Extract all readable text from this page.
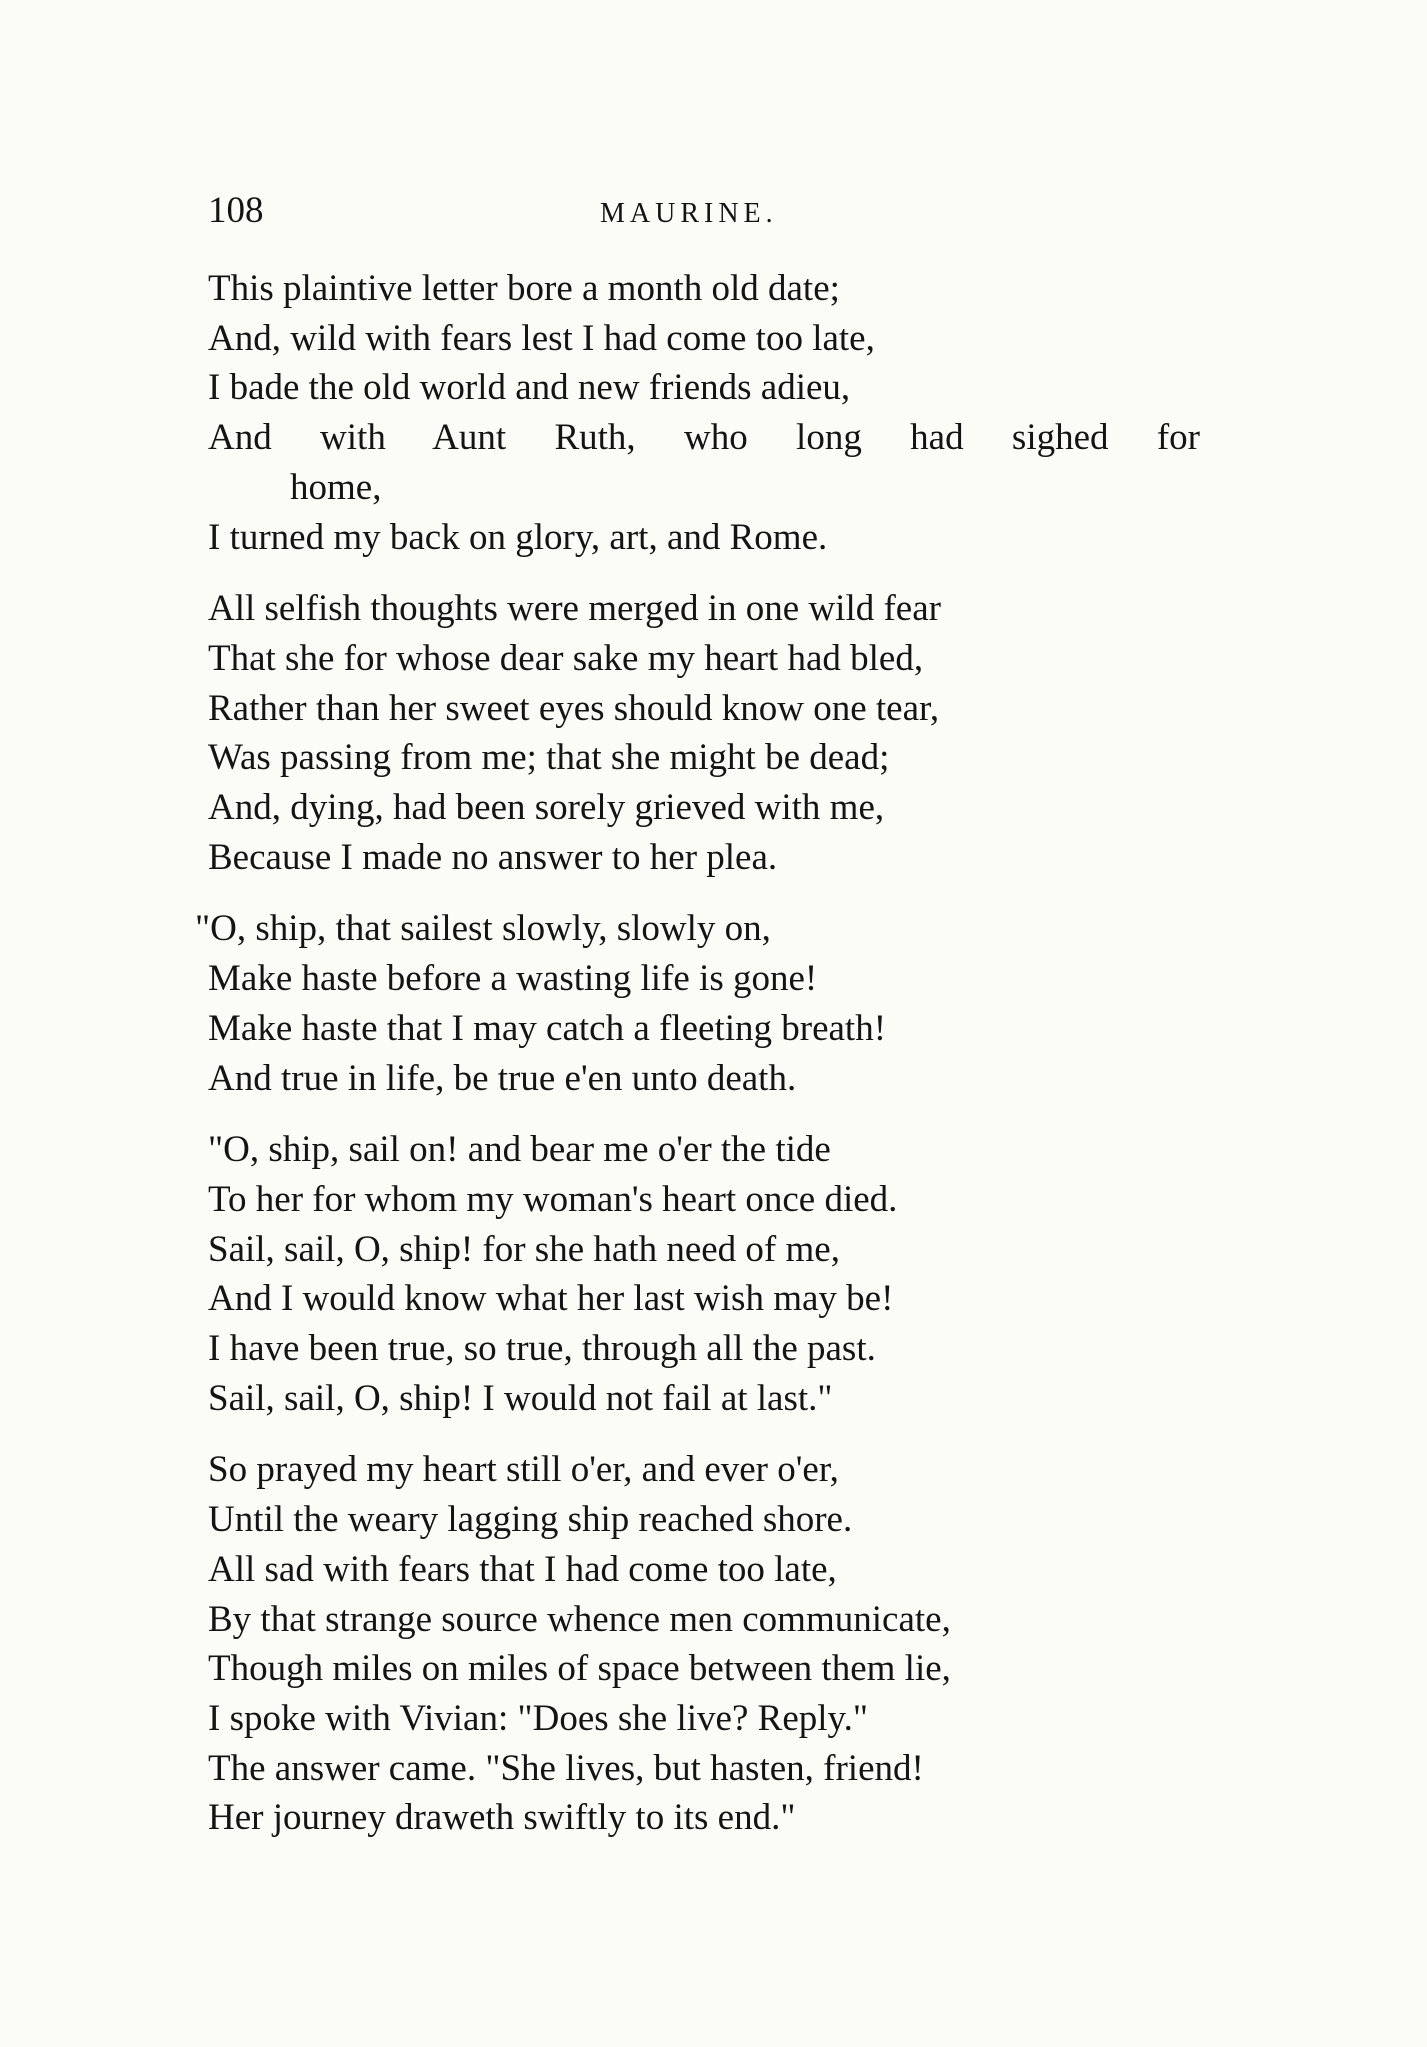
108	MAURINE.
This plaintive letter bore a month old date;
And, wild with fears lest I had come too late,
I bade the old world and new friends adieu,
And with Aunt Ruth, who long had sighed for
home,
I turned my back on glory, art, and Rome.
All selfish thoughts were merged in one wild fear
That she for whose dear sake my heart had bled,
Rather than her sweet eyes should know one tear,
Was passing from me; that she might be dead;
And, dying, had been sorely grieved with me,
Because I made no answer to her plea.
"O, ship, that sailest slowly, slowly on,
Make haste before a wasting life is gone!
Make haste that I may catch a fleeting breath!
And true in life, be true e'en unto death.
"O, ship, sail on! and bear me o'er the tide
To her for whom my woman's heart once died.
Sail, sail, O, ship! for she hath need of me,
And I would know what her last wish may be!
I have been true, so true, through all the past.
Sail, sail, O, ship! I would not fail at last."
So prayed my heart still o'er, and ever o'er,
Until the weary lagging ship reached shore.
All sad with fears that I had come too late,
By that strange source whence men communicate,
Though miles on miles of space between them lie,
I spoke with Vivian: "Does she live? Reply."
The answer came. "She lives, but hasten, friend!
Her journey draweth swiftly to its end."
